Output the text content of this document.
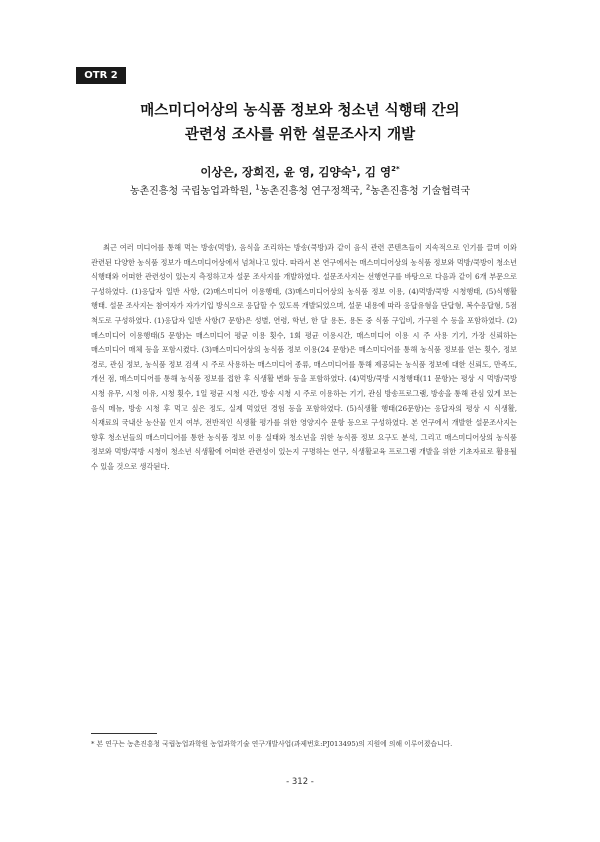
OTR 2
매스미디어상의 농식품 정보와 청소년 식행태 간의
관련성 조사를 위한 설문조사지 개발
이상은, 장희진, 윤 영, 김양숙$^1$, 김 영$^{2*}$
농촌진흥청 국립농업과학원, $^1$농촌진흥청 연구정책국, $^2$농촌진흥청 기술협력국

최근 여러 미디어를 통해 먹는 방송(먹방), 음식을 조리하는 방송(쿡방)과 같이 음식 관련 콘텐츠들이 지속적으로 인기를 끌며 이와 관련된 다양한 농식품 정보가 매스미디어상에서 넘쳐나고 있다. 따라서 본 연구에서는 매스미디어상의 농식품 정보와 먹방/쿡방이 청소년 식행태와 어떠한 관련성이 있는지 측정하고자 설문 조사지를 개발하였다. 설문조사지는 선행연구를 바탕으로 다음과 같이 6개 부문으로 구성하였다. (1)응답자 일반 사항, (2)매스미디어 이용행태, (3)매스미디어상의 농식품 정보 이용, (4)먹방/쿡방 시청행태, (5)식행활 행태. 설문 조사지는 참여자가 자가기입 방식으로 응답할 수 있도록 개발되었으며, 설문 내용에 따라 응답유형을 단답형, 복수응답형, 5점 척도로 구성하였다. (1)응답자 일반 사항(7 문항)은 성별, 연령, 학년, 한 달 용돈, 용돈 중 식품 구입비, 가구원 수 등을 포함하였다. (2)매스미디어 이용행태(5 문항)는 매스미디어 평균 이용 횟수, 1회 평균 이용시간, 매스미디어 이용 시 주 사용 기기, 가장 신뢰하는 매스미디어 매체 등을 포함시켰다. (3)매스미디어상의 농식품 정보 이용(24 문항)은 매스미디어를 통해 농식품 정보를 얻는 횟수, 정보 경로, 관심 정보, 농식품 정보 검색 시 주로 사용하는 매스미디어 종류, 매스미디어를 통해 제공되는 농식품 정보에 대한 신뢰도, 만족도, 개선 점, 매스미디어를 통해 농식품 정보를 접한 후 식생활 변화 등을 포함하였다. (4)먹방/쿡방 시청행태(11 문항)는 평상 시 먹방/쿡방 시청 유무, 시청 이유, 시청 횟수, 1일 평균 시청 시간, 방송 시청 시 주로 이용하는 기기, 관심 방송프로그램, 방송을 통해 관심 있게 보는 음식 메뉴, 방송 시청 후 먹고 싶은 정도, 실제 먹었던 경험 등을 포함하였다. (5)식생활 행태(26문항)는 응답자의 평상 시 식생활, 식재료의 국내산 농산물 인지 여부, 전반적인 식생활 평가를 위한 영양지수 문항 등으로 구성하였다. 본 연구에서 개발한 설문조사지는 향후 청소년들의 매스미디어를 통한 농식품 정보 이용 실태와 청소년을 위한 농식품 정보 요구도 분석, 그리고 매스미디어상의 농식품 정보와 먹방/쿡방 시청이 청소년 식생활에 어떠한 관련성이 있는지 구명하는 연구, 식생활교육 프로그램 개발을 위한 기초자료로 활용될 수 있을 것으로 생각된다.

* 본 연구는 농촌진흥청 국립농업과학원 농업과학기술 연구개발사업(과제번호:PJ013495)의 지원에 의해 이루어졌습니다.
- 312 -
